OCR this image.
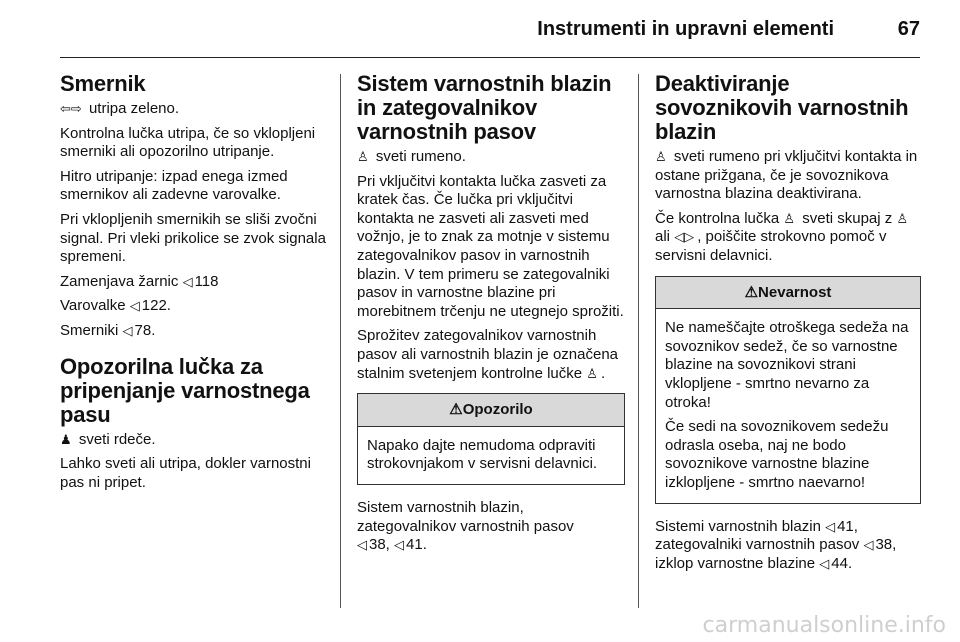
Instrumenti in upravni elementi	67
Smernik

⇦⇨ utripa zeleno.

Kontrolna lučka utripa, če so vklopljeni smerniki ali opozorilno utripanje.

Hitro utripanje: izpad enega izmed smernikov ali zadevne varovalke.

Pri vklopljenih smernikih se sliši zvočni signal. Pri vleki prikolice se zvok signala spremeni.

Zamenjava žarnic ◁ 118

Varovalke ◁ 122.

Smerniki ◁ 78.

Opozorilna lučka za pripenjanje varnostnega pasu

♟ sveti rdeče.

Lahko sveti ali utripa, dokler varnostni pas ni pripet.

Sistem varnostnih blazin in zategovalnikov varnostnih pasov

♙ sveti rumeno.

Pri vključitvi kontakta lučka zasveti za kratek čas. Če lučka pri vključitvi kontakta ne zasveti ali zasveti med vožnjo, je to znak za motnje v sistemu zategovalnikov pasov in varnostnih blazin. V tem primeru se zategovalniki pasov in varnostne blazine pri morebitnem trčenju ne utegnejo sprožiti.

Sprožitev zategovalnikov varnostnih pasov ali varnostnih blazin je označena stalnim svetenjem kontrolne lučke ♙ .

⚠Opozorilo

Napako dajte nemudoma odpraviti strokovnjakom v servisni delavnici.

Sistem varnostnih blazin, zategovalnikov varnostnih pasov
◁ 38, ◁ 41.

Deaktiviranje sovoznikovih varnostnih blazin

♙ sveti rumeno pri vključitvi kontakta in ostane prižgana, če je sovoznikova varnostna blazina deaktivirana.

Če kontrolna lučka ♙ sveti skupaj z ♙ ali ◁▷ , poiščite strokovno pomoč v servisni delavnici.

⚠Nevarnost

Ne nameščajte otroškega sedeža na sovoznikov sedež, če so varnostne blazine na sovoznikovi strani vklopljene - smrtno nevarno za otroka!

Če sedi na sovoznikovem sedežu odrasla oseba, naj ne bodo sovoznikove varnostne blazine izklopljene - smrtno naevarno!

Sistemi varnostnih blazin ◁ 41,

zategovalniki varnostnih pasov ◁ 38,

izklop varnostne blazine ◁ 44.

carmanualsonline.info
